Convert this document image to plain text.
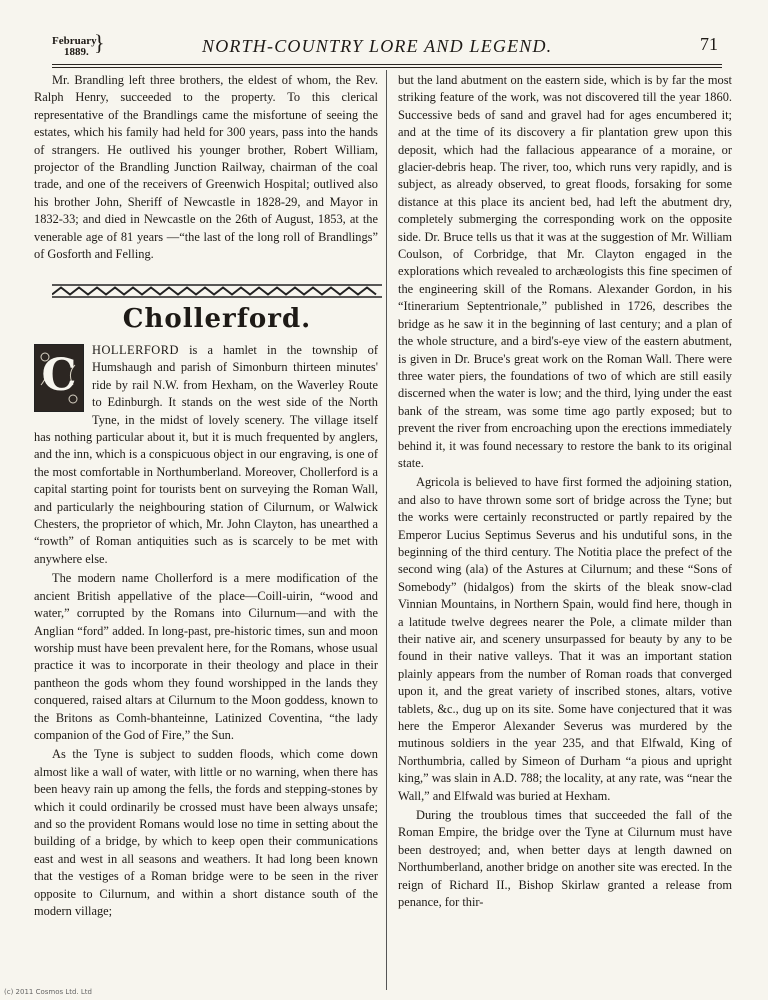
February
1889. }	NORTH-COUNTRY LORE AND LEGEND.	71

Mr. Brandling left three brothers, the eldest of whom, the Rev. Ralph Henry, succeeded to the property. To this clerical representative of the Brandlings came the misfortune of seeing the estates, which his family had held for 300 years, pass into the hands of strangers. He outlived his younger brother, Robert William, projector of the Brandling Junction Railway, chairman of the coal trade, and one of the receivers of Greenwich Hospital; outlived also his brother John, Sheriff of Newcastle in 1828-29, and Mayor in 1832-33; and died in Newcastle on the 26th of August, 1853, at the venerable age of 81 years —“the last of the long roll of Brandlings” of Gosforth and Felling.

Chollerford.

C	HOLLERFORD is a hamlet in the township of Humshaugh and parish of Simonburn thirteen minutes' ride by rail N.W. from Hexham, on the Waverley Route to Edinburgh. It stands on the west side of the North Tyne, in the midst of lovely scenery. The village itself has nothing particular about it, but it is much frequented by anglers, and the inn, which is a conspicuous object in our engraving, is one of the most comfortable in Northumberland. Moreover, Chollerford is a capital starting point for tourists bent on surveying the Roman Wall, and particularly the neighbouring station of Cilurnum, or Walwick Chesters, the proprietor of which, Mr. John Clayton, has unearthed a “rowth” of Roman antiquities such as is scarcely to be met with anywhere else.

The modern name Chollerford is a mere modification of the ancient British appellative of the place—Coill-uirin, “wood and water,” corrupted by the Romans into Cilurnum—and with the Anglian “ford” added. In long-past, pre-historic times, sun and moon worship must have been prevalent here, for the Romans, whose usual practice it was to incorporate in their theology and place in their pantheon the gods whom they found worshipped in the lands they conquered, raised altars at Cilurnum to the Moon goddess, known to the Britons as Comh-bhanteinne, Latinized Coventina, “the lady companion of the God of Fire,” the Sun.

As the Tyne is subject to sudden floods, which come down almost like a wall of water, with little or no warning, when there has been heavy rain up among the fells, the fords and stepping-stones by which it could ordinarily be crossed must have been always unsafe; and so the provident Romans would lose no time in setting about the building of a bridge, by which to keep open their communications east and west in all seasons and weathers. It had long been known that the vestiges of a Roman bridge were to be seen in the river opposite to Cilurnum, and within a short distance south of the modern village;

but the land abutment on the eastern side, which is by far the most striking feature of the work, was not discovered till the year 1860. Successive beds of sand and gravel had for ages encumbered it; and at the time of its discovery a fir plantation grew upon this deposit, which had the fallacious appearance of a moraine, or glacier-debris heap. The river, too, which runs very rapidly, and is subject, as already observed, to great floods, forsaking for some distance at this place its ancient bed, had left the abutment dry, completely submerging the corresponding work on the opposite side. Dr. Bruce tells us that it was at the suggestion of Mr. William Coulson, of Corbridge, that Mr. Clayton engaged in the explorations which revealed to archæologists this fine specimen of the engineering skill of the Romans. Alexander Gordon, in his “Itinerarium Septentrionale,” published in 1726, describes the bridge as he saw it in the beginning of last century; and a plan of the whole structure, and a bird's-eye view of the eastern abutment, is given in Dr. Bruce's great work on the Roman Wall. There were three water piers, the foundations of two of which are still easily discerned when the water is low; and the third, lying under the east bank of the stream, was some time ago partly exposed; but to prevent the river from encroaching upon the erections immediately behind it, it was found necessary to restore the bank to its original state.

Agricola is believed to have first formed the adjoining station, and also to have thrown some sort of bridge across the Tyne; but the works were certainly reconstructed or partly repaired by the Emperor Lucius Septimus Severus and his undutiful sons, in the beginning of the third century. The Notitia place the prefect of the second wing (ala) of the Astures at Cilurnum; and these “Sons of Somebody” (hidalgos) from the skirts of the bleak snow-clad Vinnian Mountains, in Northern Spain, would find here, though in a latitude twelve degrees nearer the Pole, a climate milder than their native air, and scenery unsurpassed for beauty by any to be found in their native valleys. That it was an important station plainly appears from the number of Roman roads that converged upon it, and the great variety of inscribed stones, altars, votive tablets, &c., dug up on its site. Some have conjectured that it was here the Emperor Alexander Severus was murdered by the mutinous soldiers in the year 235, and that Elfwald, King of Northumbria, called by Simeon of Durham “a pious and upright king,” was slain in A.D. 788; the locality, at any rate, was “near the Wall,” and Elfwald was buried at Hexham.

During the troublous times that succeeded the fall of the Roman Empire, the bridge over the Tyne at Cilurnum must have been destroyed; and, when better days at length dawned on Northumberland, another bridge on another site was erected. In the reign of Richard II., Bishop Skirlaw granted a release from penance, for thir-

(c) 2011 Cosmos Ltd. Ltd
